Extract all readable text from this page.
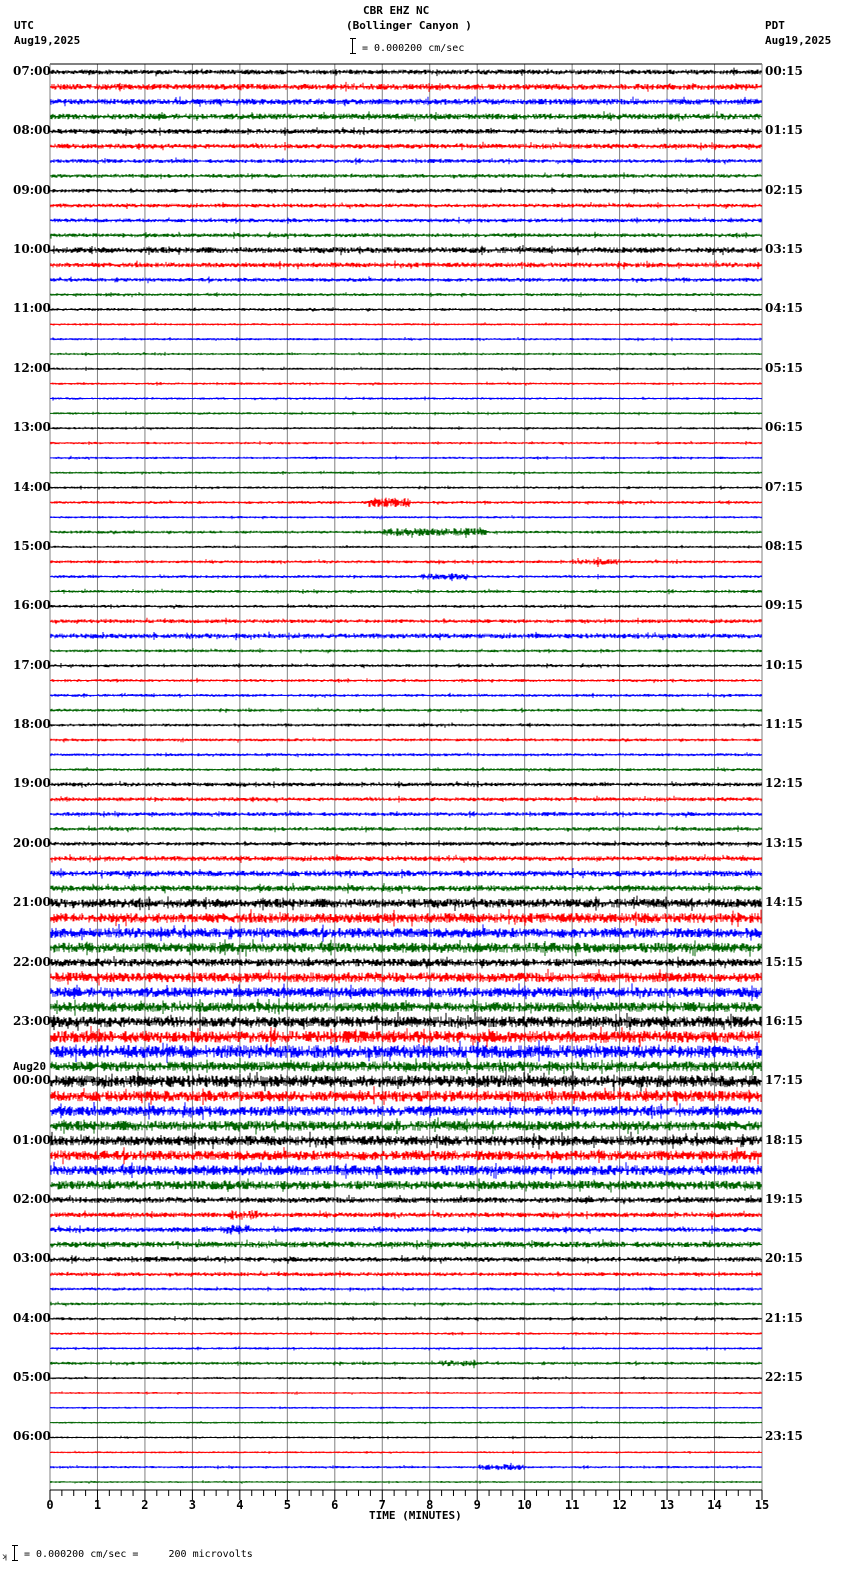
CBR EHZ NC
(Bollinger Canyon )
= 0.000200 cm/sec
UTC
Aug19,2025
PDT
Aug19,2025
07:00
08:00
09:00
10:00
11:00
12:00
13:00
14:00
15:00
16:00
17:00
18:00
19:00
20:00
21:00
22:00
23:00
Aug20
00:00
01:00
02:00
03:00
04:00
05:00
06:00
00:15
01:15
02:15
03:15
04:15
05:15
06:15
07:15
08:15
09:15
10:15
11:15
12:15
13:15
14:15
15:15
16:15
17:15
18:15
19:15
20:15
21:15
22:15
23:15
0	1	2	3	4	5	6	7	8	9	10	11	12	13	14	15
TIME (MINUTES)
ʞ = 0.000200 cm/sec =     200 microvolts
